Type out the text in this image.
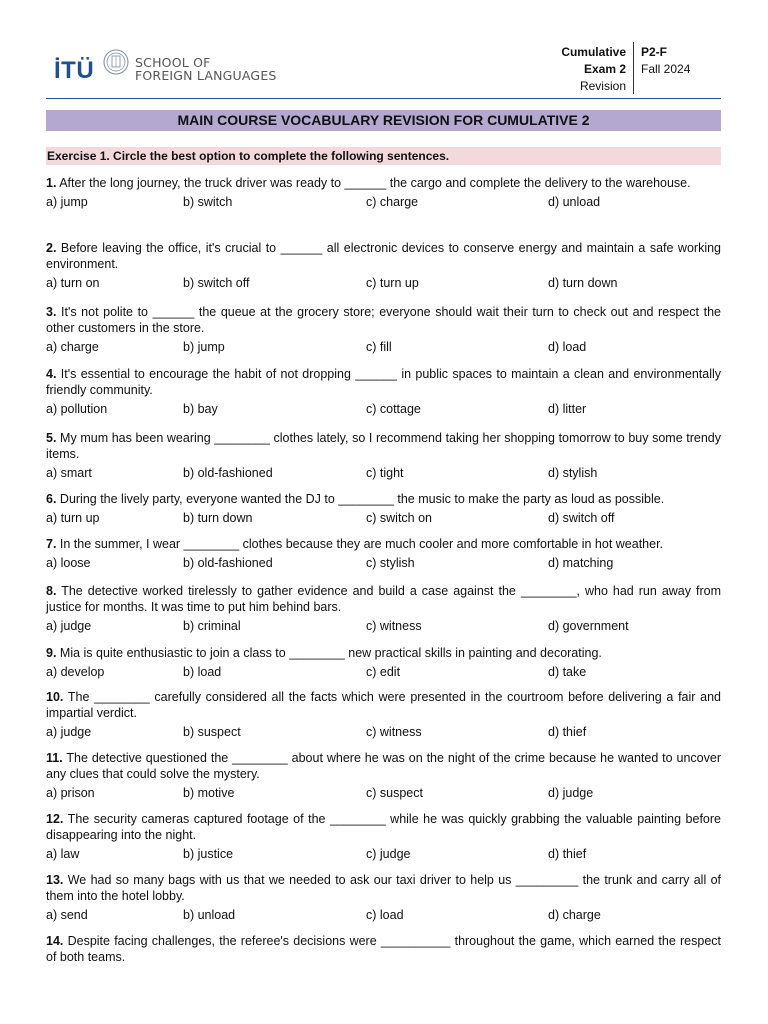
İTÜ	SCHOOL OF
FOREIGN LANGUAGES
Cumulative
Exam 2
Revision
P2-F
Fall 2024
MAIN COURSE VOCABULARY REVISION FOR CUMULATIVE 2
Exercise 1. Circle the best option to complete the following sentences.
1. After the long journey, the truck driver was ready to ______ the cargo and complete the delivery to the warehouse.
a) jump	b) switch	c) charge	d) unload
2. Before leaving the office, it's crucial to ______ all electronic devices to conserve energy and maintain a safe working environment.
a) turn on	b) switch off	c) turn up	d) turn down
3. It's not polite to ______ the queue at the grocery store; everyone should wait their turn to check out and respect the other customers in the store.
a) charge	b) jump	c) fill	d) load
4. It's essential to encourage the habit of not dropping ______ in public spaces to maintain a clean and environmentally friendly community.
a) pollution	b) bay	c) cottage	d) litter
5. My mum has been wearing ________ clothes lately, so I recommend taking her shopping tomorrow to buy some trendy items.
a) smart	b) old-fashioned	c) tight	d) stylish
6. During the lively party, everyone wanted the DJ to ________ the music to make the party as loud as possible.
a) turn up	b) turn down	c) switch on	d) switch off
7. In the summer, I wear ________ clothes because they are much cooler and more comfortable in hot weather.
a) loose	b) old-fashioned	c) stylish	d) matching
8. The detective worked tirelessly to gather evidence and build a case against the ________, who had run away from justice for months. It was time to put him behind bars.
a) judge	b) criminal	c) witness	d) government
9. Mia is quite enthusiastic to join a class to ________ new practical skills in painting and decorating.
a) develop	b) load	c) edit	d) take
10. The ________ carefully considered all the facts which were presented in the courtroom before delivering a fair and impartial verdict.
a) judge	b) suspect	c) witness	d) thief
11. The detective questioned the ________ about where he was on the night of the crime because he wanted to uncover any clues that could solve the mystery.
a) prison	b) motive	c) suspect	d) judge
12. The security cameras captured footage of the ________ while he was quickly grabbing the valuable painting before disappearing into the night.
a) law	b) justice	c) judge	d) thief
13. We had so many bags with us that we needed to ask our taxi driver to help us _________ the trunk and carry all of them into the hotel lobby.
a) send	b) unload	c) load	d) charge
14. Despite facing challenges, the referee's decisions were __________ throughout the game, which earned the respect of both teams.
